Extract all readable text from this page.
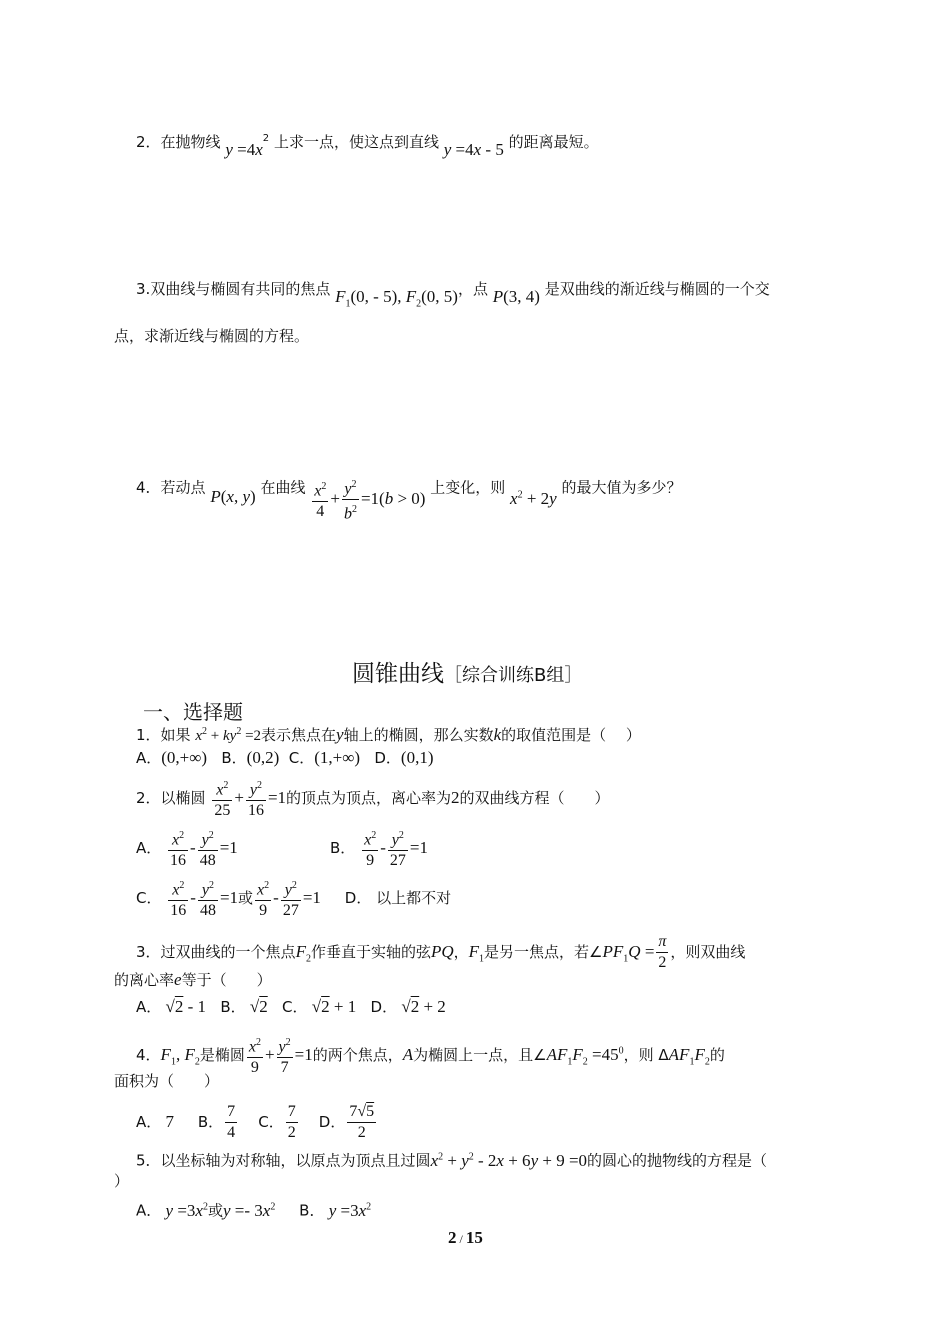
2．在抛物线 $y =4x^2$ 上求一点，使这点到直线 y =4x - 5 的距离最短。
3.双曲线与椭圆有共同的焦点 $F_1(0$, - 5), $F_2(0$, 5)，点 P(3, 4) 是双曲线的渐近线与椭圆的一个交
点，求渐近线与椭圆的方程。
4．若动点 P(x, y) 在曲线 $\frac{x^2}{4} + \frac{y^2}{b^2} =1(b > 0)$ 上变化，则 $x^2 + 2y$ 的最大值为多少？
圆锥曲线［综合训练B组］
一、选择题
1．如果 $x^2 + ky^2 =2$表示焦点在y轴上的椭圆，那么实数k的取值范围是（　 ）
A．(0,+∞) B．(0,2) C．(1,+∞) D．(0,1)
2．以椭圆 $\frac{x^2}{25} + \frac{y^2}{16} =1$的顶点为顶点，离心率为2的双曲线方程（　　）
A． $\frac{x^2}{16} - \frac{y^2}{48} =1$	B． $\frac{x^2}{9} - \frac{y^2}{27} =1$
C． $\frac{x^2}{16} - \frac{y^2}{48} =1$或 $\frac{x^2}{9} - \frac{y^2}{27} =1$ D． 以上都不对
3．过双曲线的一个焦点$F_2$作垂直于实轴的弦PQ，$F_1$是另一焦点，若$\angle PF_1Q = \frac{\pi}{2}$ ，则双曲线
的离心率e等于（　　）
A． √2 - 1 B． √2 C． √2 + 1 D． √2 + 2
4．$F_1$, $F_2$是椭圆 $\frac{x^2}{9} + \frac{y^2}{7} =1$的两个焦点，A为椭圆上一点，且$\angle AF_1F_2 =45^0$，则 $\Delta AF_1F_2$的
面积为（　　）
A． 7 B． $\frac{7}{4}$ C． $\frac{7}{2}$ D． $\frac{7√5}{2}$
5．以坐标轴为对称轴，以原点为顶点且过圆$x^2 + y^2 - 2x + 6y + 9 =0$的圆心的抛物线的方程是（
）
A． $y =3x^2$或$y =- 3x^2$ B． $y =3x^2$
2 / 15
